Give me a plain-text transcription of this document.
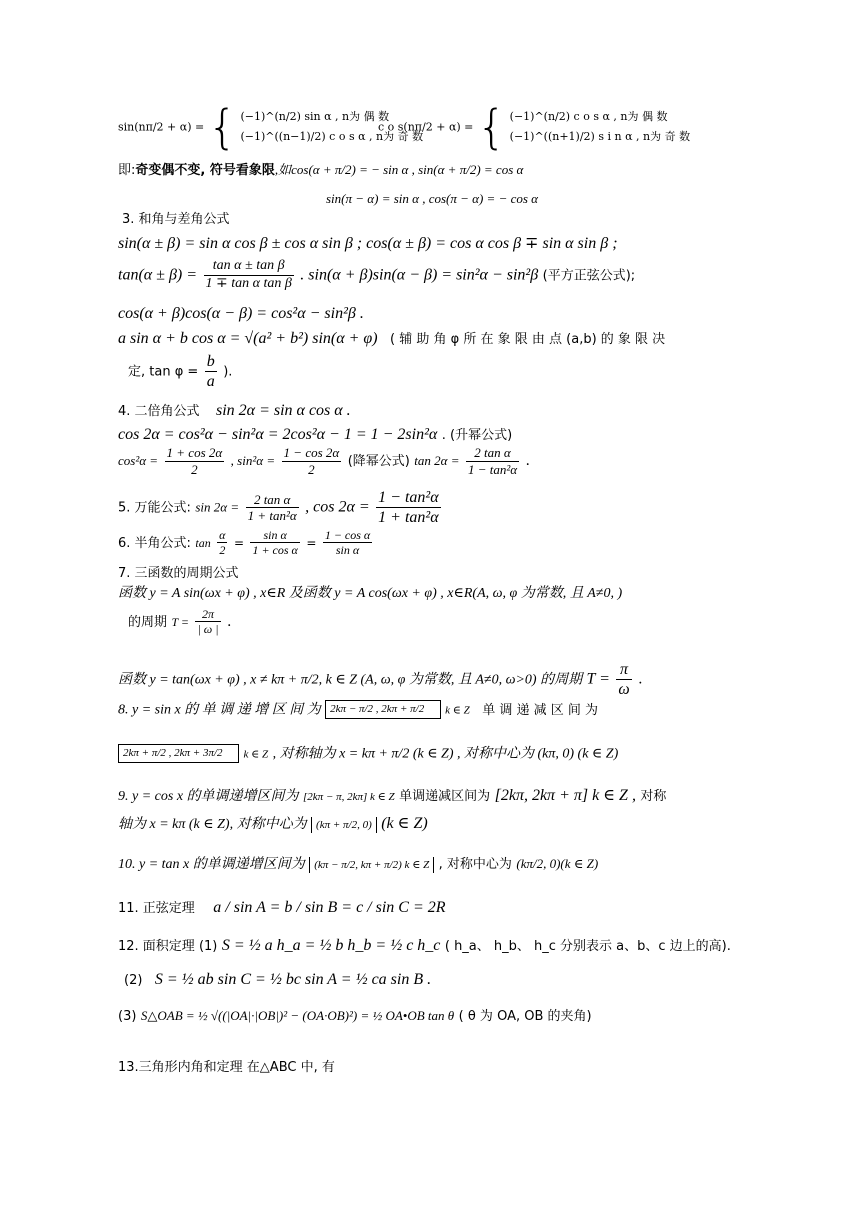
sin(nπ/2 + α) = { (−1)^(n/2) sin α , n为 偶 数
(−1)^((n−1)/2) c o s α , n为 奇 数
c o s(nπ/2 + α) = { (−1)^(n/2) c o s α , n为 偶 数
(−1)^((n+1)/2) s i n α , n为 奇 数
即:奇变偶不变, 符号看象限,如cos(α + π/2) = − sin α , sin(α + π/2) = cos α
sin(π − α) = sin α , cos(π − α) = − cos α
3. 和角与差角公式
sin(α ± β) = sin α cos β ± cos α sin β ; cos(α ± β) = cos α cos β ∓ sin α sin β ;
$\tan(\alpha \pm \beta) = \frac{\text{tan α ± tan β}}{\text{1 ∓ tan α tan β}}$ . sin(α + β)sin(α − β) = sin²α − sin²β (平方正弦公式);
cos(α + β)cos(α − β) = cos²α − sin²β .
a sin α + b cos α = √(a² + b²) sin(α + φ) ( 辅 助 角 φ 所 在 象 限 由 点 (a,b) 的 象 限 决
定, $\tan \varphi = \frac{b}{a}$ ).
4. 二倍角公式 sin 2α = sin α cos α .
cos 2α = cos²α − sin²α = 2cos²α − 1 = 1 − 2sin²α . (升幂公式)
$\cos^2\alpha = \frac{1 + \cos 2\alpha}{2}$ , $\sin^2\alpha = \frac{1 - \cos 2\alpha}{2}$ (降幂公式) $\tan 2\alpha = \frac{\text{2 tan α}}{\text{1 − tan²α}}$ .
5. 万能公式: $\sin 2\alpha = \frac{\text{2 tan α}}{\text{1 + tan²α}}$ , $\cos 2\alpha = \frac{\text{1 − tan²α}}{\text{1 + tan²α}}$
6. 半角公式: $\tan \frac{\alpha}{2} = \frac{\text{sin α}}{\text{1 + cos α}} = \frac{\text{1 − cos α}}{\text{sin α}}$
7. 三函数的周期公式
函数 y = A sin(ωx + φ) , x∈R 及函数 y = A cos(ωx + φ) , x∈R(A, ω, φ 为常数, 且 A≠0, )
的周期 $T = \frac{2\pi}{| \omega |}$ .
函数 y = tan(ωx + φ) , x ≠ kπ + π/2, k ∈ Z (A, ω, φ 为常数, 且 A≠0, ω>0) 的周期 $T = \frac{\pi}{\omega}$ .
8. y = sin x 的 单 调 递 增 区 间 为 2kπ − π/2 , 2kπ + π/2 k ∈ Z 单 调 递 减 区 间 为
2kπ + π/2 , 2kπ + 3π/2 k ∈ Z , 对称轴为 x = kπ + π/2 (k ∈ Z) , 对称中心为 (kπ, 0) (k ∈ Z)
9. y = cos x 的单调递增区间为 [2kπ − π, 2kπ] k ∈ Z 单调递减区间为 [2kπ, 2kπ + π] k ∈ Z , 对称
轴为 x = kπ (k ∈ Z), 对称中心为 (kπ + π/2, 0) (k ∈ Z)
10. y = tan x 的单调递增区间为 (kπ − π/2, kπ + π/2) k ∈ Z , 对称中心为 (kπ/2, 0)(k ∈ Z)
11. 正弦定理 a / sin A = b / sin B = c / sin C = 2R
12. 面积定理 (1) S = ½ a h_a = ½ b h_b = ½ c h_c ( h_a、 h_b、 h_c 分别表示 a、b、c 边上的高).
(2) S = ½ ab sin C = ½ bc sin A = ½ ca sin B .
(3) S△OAB = ½ √((|OA|·|OB|)² − (OA·OB)²) = ½ OA•OB tan θ ( θ 为 OA, OB 的夹角)
13.三角形内角和定理 在△ABC 中, 有
